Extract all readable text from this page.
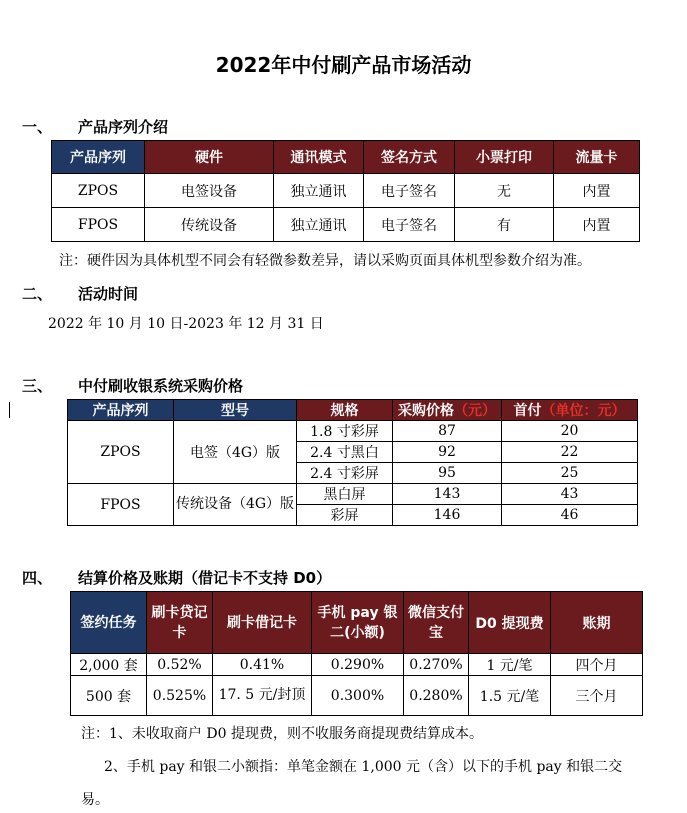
2022年中付刷产品市场活动
一、 产品序列介绍
产品序列	硬件	通讯模式	签名方式	小票打印	流量卡
ZPOS	电签设备	独立通讯	电子签名	无	内置
FPOS	传统设备	独立通讯	电子签名	有	内置
注：硬件因为具体机型不同会有轻微参数差异，请以采购页面具体机型参数介绍为准。
二、 活动时间
2022 年 10 月 10 日-2023 年 12 月 31 日
三、 中付刷收银系统采购价格
产品序列	型号	规格	采购价格（元）	首付（单位：元）
ZPOS	电签（4G）版	1.8 寸彩屏	87	20
		2.4 寸黑白	92	22
		2.4 寸彩屏	95	25
FPOS	传统设备（4G）版	黑白屏	143	43
		彩屏	146	46
四、 结算价格及账期（借记卡不支持 D0）
签约任务	刷卡贷记卡	刷卡借记卡	手机 pay 银二(小额)	微信支付宝	D0 提现费	账期
2,000 套	0.52%	0.41%	0.290%	0.270%	1 元/笔	四个月
500 套	0.525%	17. 5 元/封顶	0.300%	0.280%	1.5 元/笔	三个月
注：1、未收取商户 D0 提现费，则不收服务商提现费结算成本。
2、手机 pay 和银二小额指：单笔金额在 1,000 元（含）以下的手机 pay 和银二交
易。
